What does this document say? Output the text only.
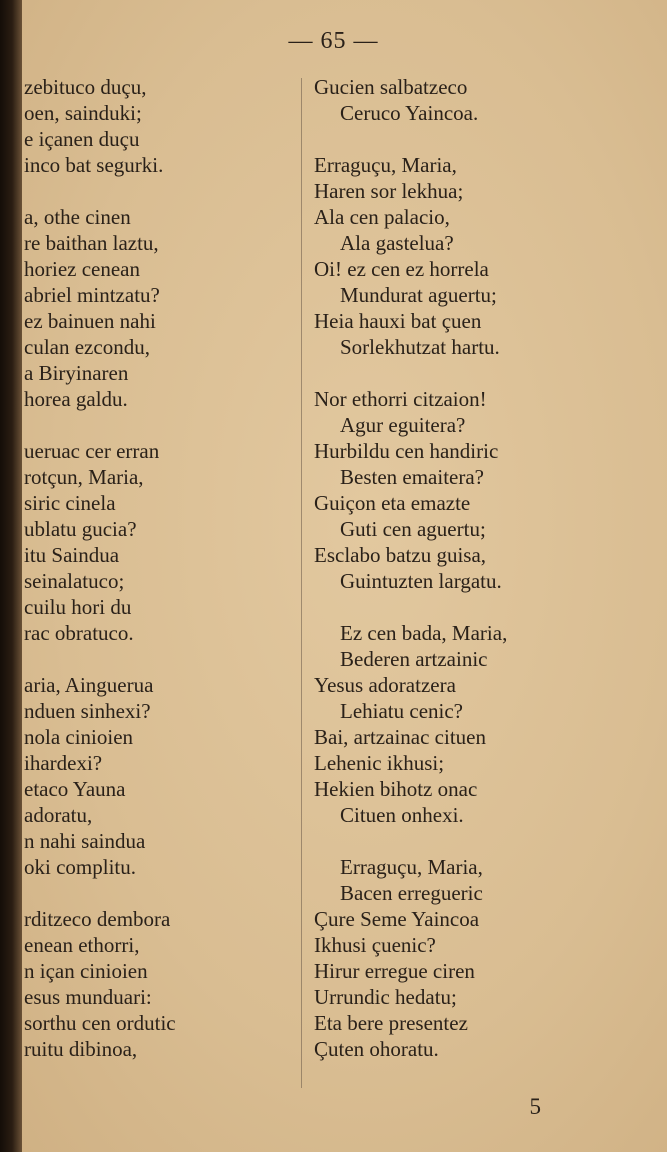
— 65 —
zebituco duçu,
oen, sainduki;
e içanen duçu
inco bat segurki.
a, othe cinen
re baithan laztu,
horiez cenean
abriel mintzatu?
ez bainuen nahi
culan ezcondu,
a Biryinaren
horea galdu.
ueruac cer erran
rotçun, Maria,
siric cinela
ublatu gucia?
itu Saindua
seinalatuco;
cuilu hori du
rac obratuco.
aria, Ainguerua
nduen sinhexi?
nola cinioien
ihardexi?
etaco Yauna
adoratu,
n nahi saindua
oki complitu.
rditzeco dembora
enean ethorri,
n içan cinioien
esus munduari:
sorthu cen ordutic
ruitu dibinoa,
Gucien salbatzeco
Ceruco Yaincoa.
Erraguçu, Maria,
Haren sor lekhua;
Ala cen palacio,
Ala gastelua?
Oi! ez cen ez horrela
Mundurat aguertu;
Heia hauxi bat çuen
Sorlekhutzat hartu.
Nor ethorri citzaion!
Agur eguitera?
Hurbildu cen handiric
Besten emaitera?
Guiçon eta emazte
Guti cen aguertu;
Esclabo batzu guisa,
Guintuzten largatu.
Ez cen bada, Maria,
Bederen artzainic
Yesus adoratzera
Lehiatu cenic?
Bai, artzainac cituen
Lehenic ikhusi;
Hekien bihotz onac
Cituen onhexi.
Erraguçu, Maria,
Bacen erregueric
Çure Seme Yaincoa
Ikhusi çuenic?
Hirur erregue ciren
Urrundic hedatu;
Eta bere presentez
Çuten ohoratu.
5
